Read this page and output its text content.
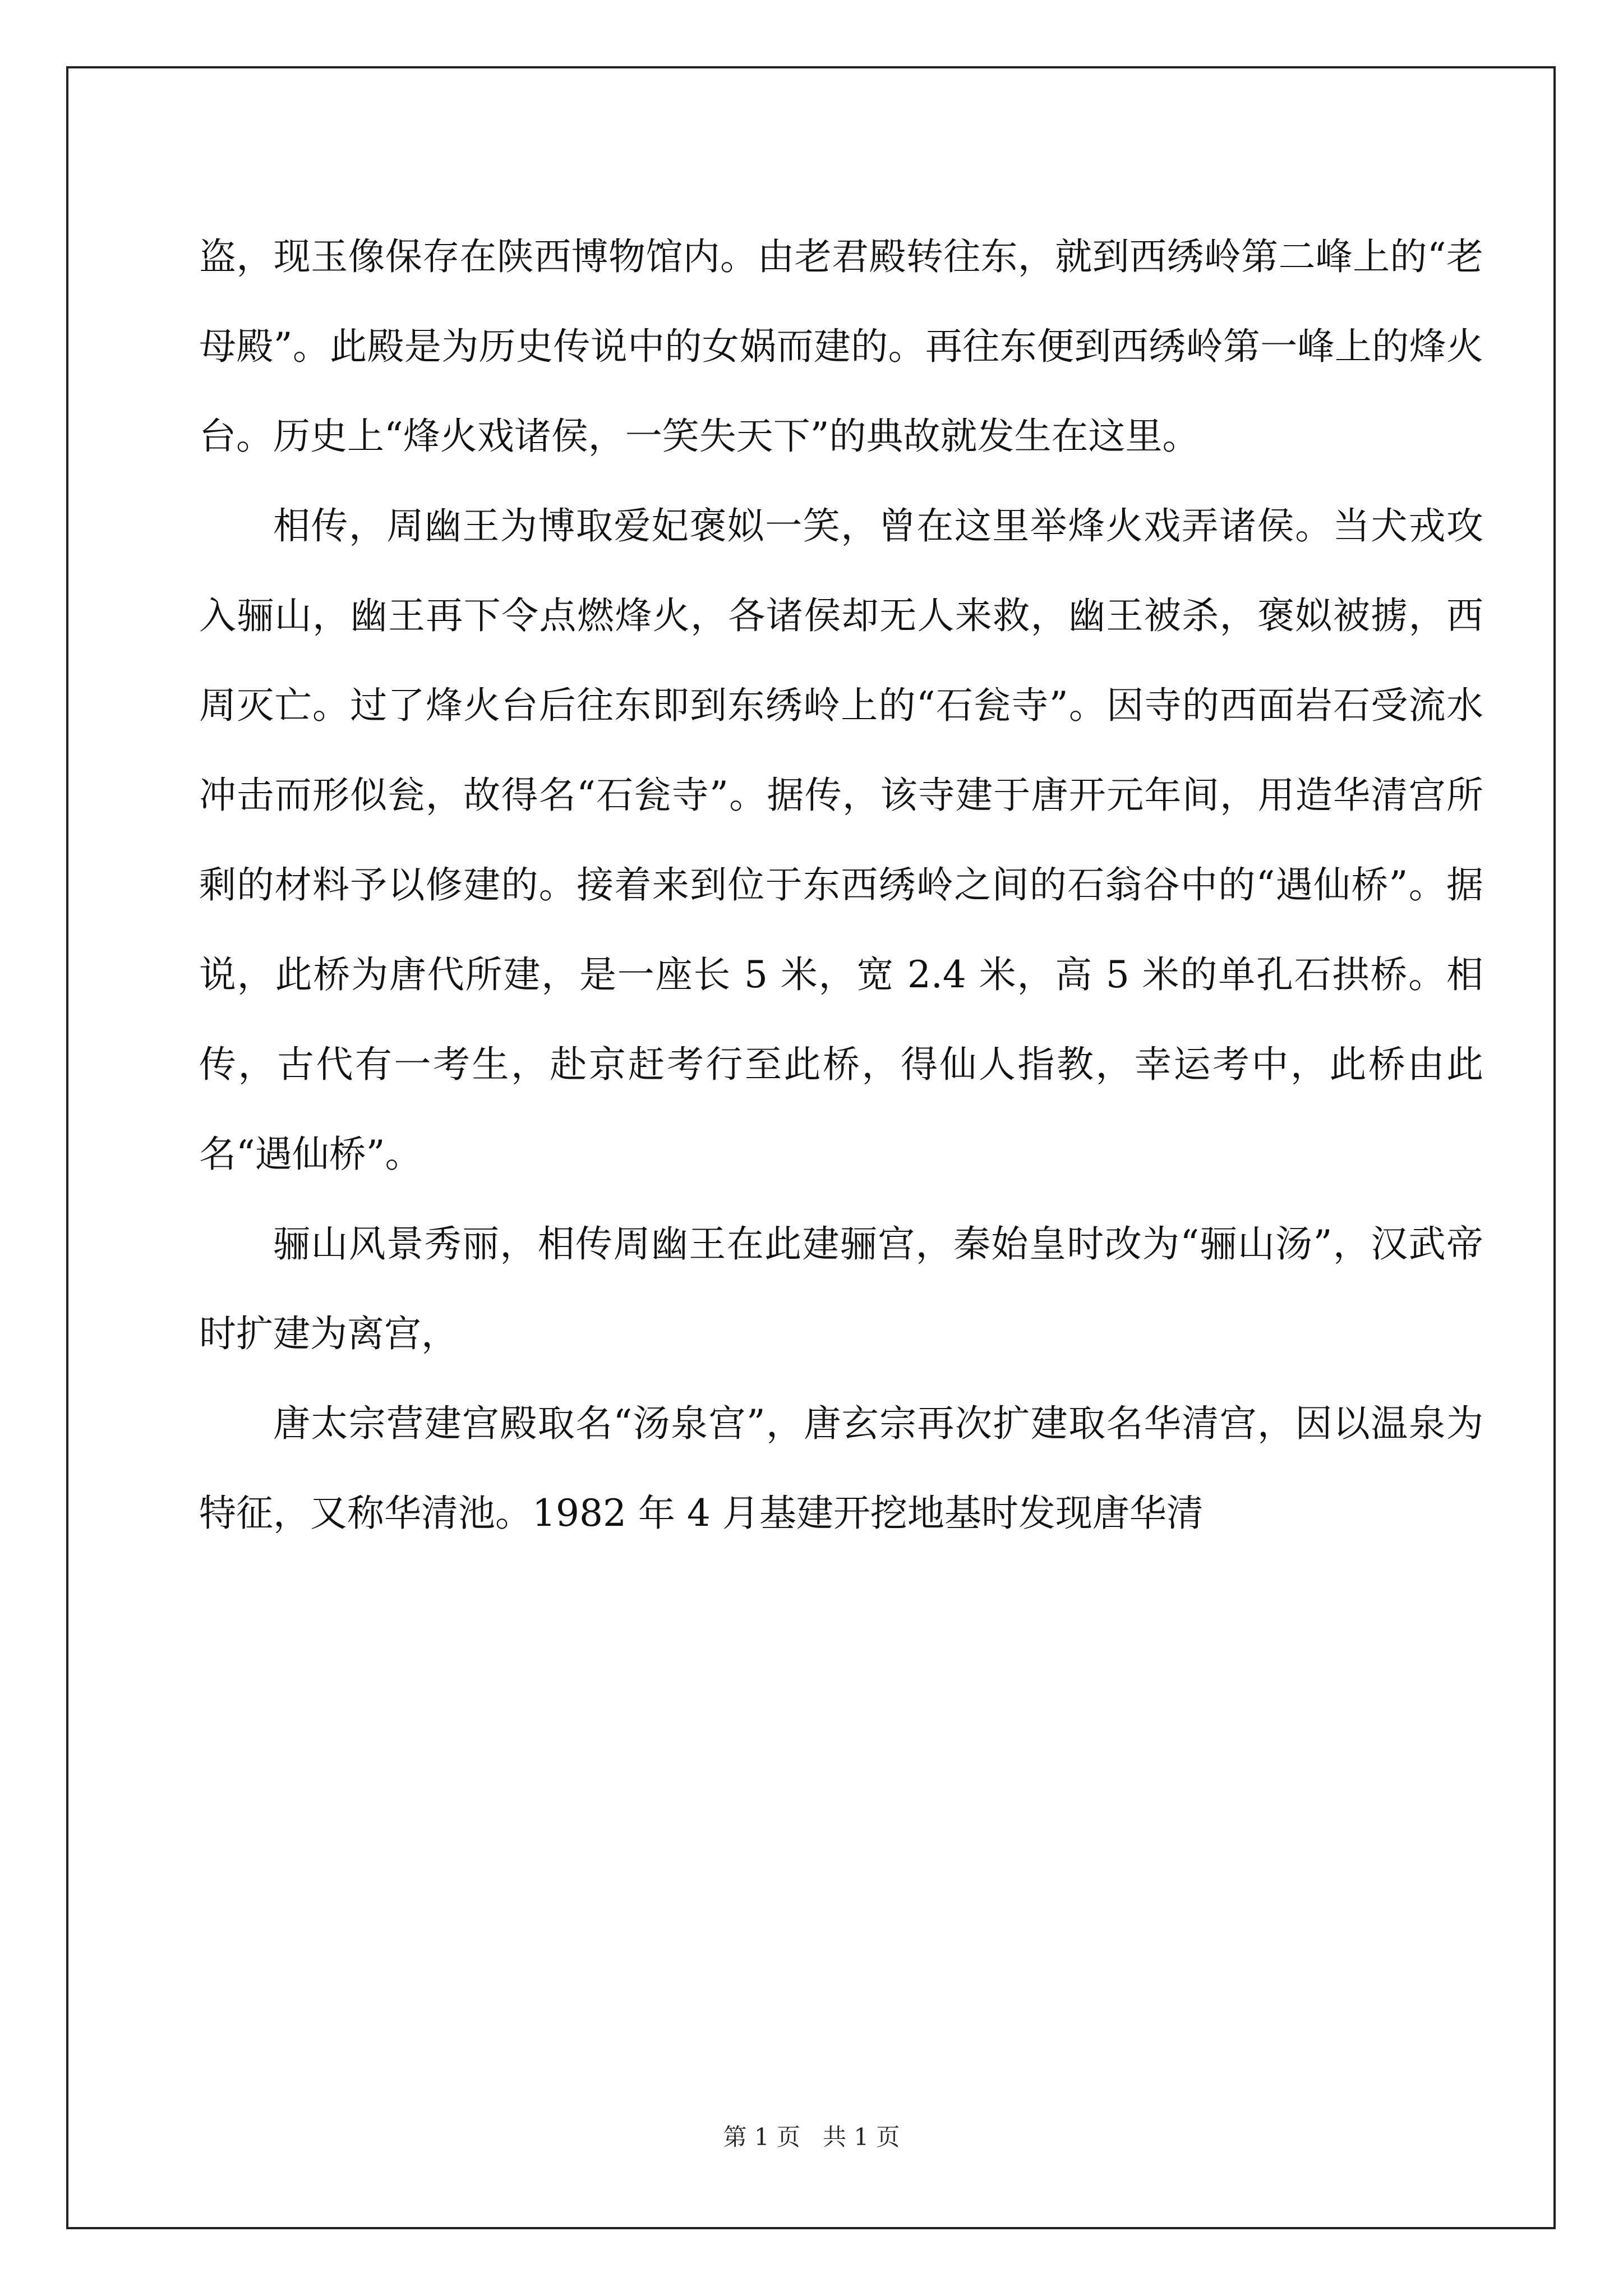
盗，现玉像保存在陕西博物馆内。由老君殿转往东，就到西绣岭第二峰上的“老母殿”。此殿是为历史传说中的女娲而建的。再往东便到西绣岭第一峰上的烽火台。历史上“烽火戏诸侯，一笑失天下”的典故就发生在这里。

相传，周幽王为博取爱妃褒姒一笑，曾在这里举烽火戏弄诸侯。当犬戎攻入骊山，幽王再下令点燃烽火，各诸侯却无人来救，幽王被杀，褒姒被掳，西周灭亡。过了烽火台后往东即到东绣岭上的“石瓮寺”。因寺的西面岩石受流水冲击而形似瓮，故得名“石瓮寺”。据传，该寺建于唐开元年间，用造华清宫所剩的材料予以修建的。接着来到位于东西绣岭之间的石翁谷中的“遇仙桥”。据说，此桥为唐代所建，是一座长 5 米，宽 2.4 米，高 5 米的单孔石拱桥。相传，古代有一考生，赴京赶考行至此桥，得仙人指教，幸运考中，此桥由此名“遇仙桥”。

骊山风景秀丽，相传周幽王在此建骊宫，秦始皇时改为“骊山汤”，汉武帝时扩建为离宫，

唐太宗营建宫殿取名“汤泉宫”，唐玄宗再次扩建取名华清宫，因以温泉为特征，又称华清池。1982 年 4 月基建开挖地基时发现唐华清

第 1 页 共 1 页
